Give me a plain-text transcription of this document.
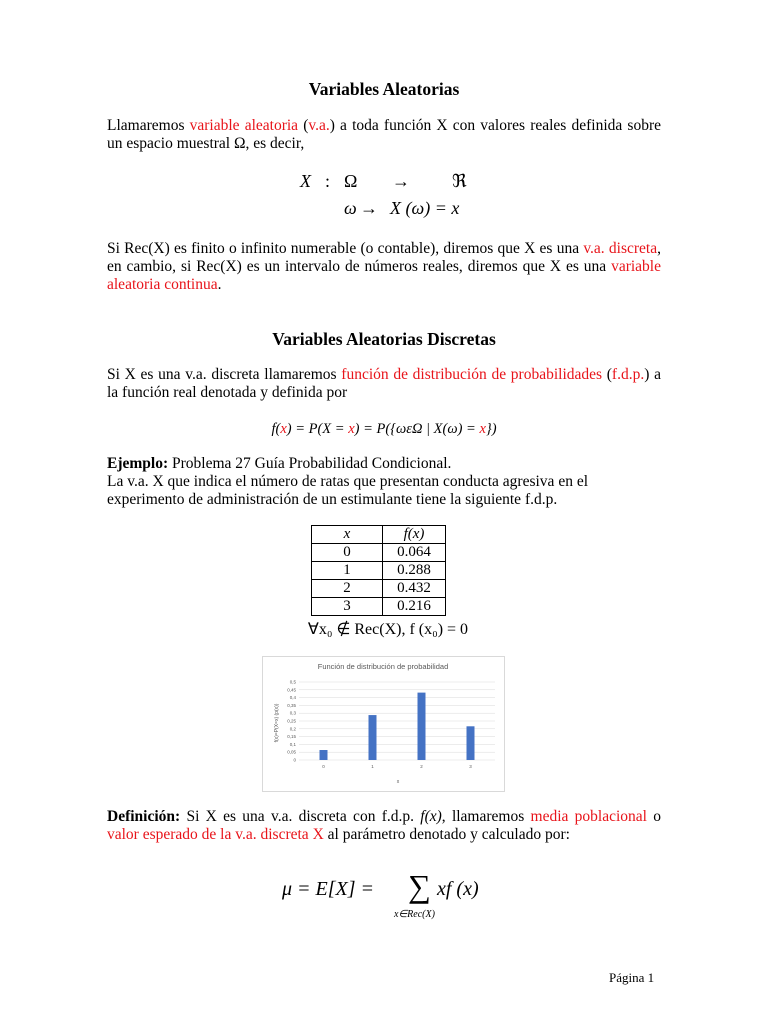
Variables Aleatorias
Llamaremos variable aleatoria (v.a.) a toda función X con valores reales definida sobre un espacio muestral Ω, es decir,
X : Ω → ℜ
ω → X (ω) = x
Si Rec(X) es finito o infinito numerable (o contable), diremos que X es una v.a. discreta, en cambio, si Rec(X) es un intervalo de números reales, diremos que X es una variable aleatoria continua.
Variables Aleatorias Discretas
Si X es una v.a. discreta llamaremos función de distribución de probabilidades (f.d.p.) a la función real denotada y definida por
f(x) = P(X = x) = P({ωεΩ | X(ω) = x})
Ejemplo: Problema 27 Guía Probabilidad Condicional.
La v.a. X que indica el número de ratas que presentan conducta agresiva en el experimento de administración de un estimulante tiene la siguiente f.d.p.
x	f(x)
0	0.064
1	0.288
2	0.432
3	0.216
∀x₀ ∉ Rec(X), f (x₀) = 0
Función de distribución de probabilidad
f(x)=P(X=x) (p(x))
x
0
0,05
0,1
0,15
0,2
0,25
0,3
0,35
0,4
0,45
0,5
0	1	2	3
Definición: Si X es una v.a. discreta con f.d.p. f(x), llamaremos media poblacional o valor esperado de la v.a. discreta X al parámetro denotado y calculado por:
μ = E[X] = ∑ xf (x)
x∈Rec(X)
Página 1
